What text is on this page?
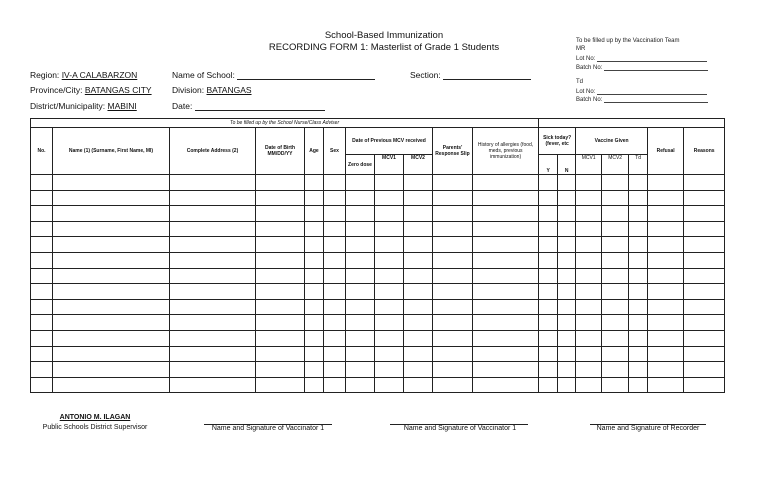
School-Based Immunization
RECORDING FORM 1: Masterlist of Grade 1 Students
To be filled up by the Vaccination Team
MR
Lot No:
Batch No:
Td
Lot No:
Batch No:
Region: IV-A CALABARZON	Name of School:	Section:
Province/City: BATANGAS CITY Division: BATANGAS
District/Municipality: MABINI	Date:
To be filled up by the School Nurse/Class Adviser																	
No.	Name (1) (Surname, First Name, MI)	Complete Address (2)	Date of Birth MM/DD/YY	Age	Sex	Date of Previous MCV received			Parents' Response Slip	History of allergies (food, meds, previous immunization)	Sick today? (fever, etc		Vaccine Given			Refusal	Reasons
						Zero dose	MCV1	MCV2			Y	N	MCV1	MCV2	Td		

ANTONIO M. ILAGAN
Public Schools District Supervisor	Name and Signature of Vaccinator 1	Name and Signature of Vaccinator 1	Name and Signature of Recorder
